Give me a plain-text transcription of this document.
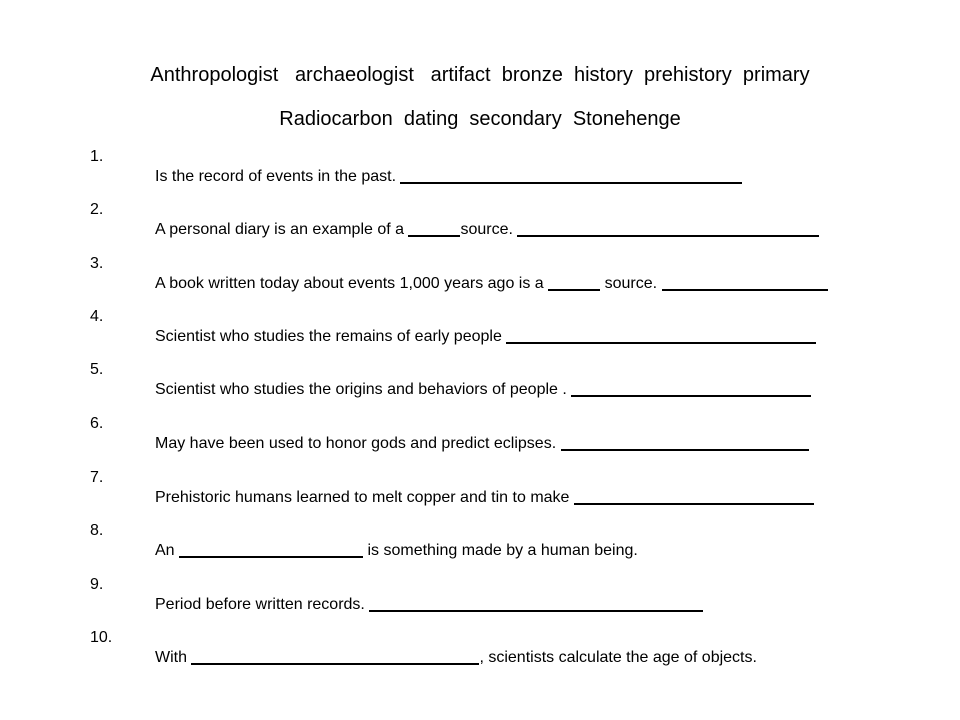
Anthropologist   archaeologist   artifact  bronze  history  prehistory  primary
Radiocarbon  dating  secondary  Stonehenge

1.

Is the record of events in the past.

2.

A personal diary is an example of a	source.

3.

A book written today about events 1,000 years ago is a	source.

4.

Scientist who studies the remains of early people

5.

Scientist who studies the origins and behaviors of people .

6.

May have been used to honor gods and predict eclipses.

7.

Prehistoric humans learned to melt copper and tin to make

8.

An	is something made by a human being.

9.

Period before written records.

10.

With	, scientists calculate the age of objects.
